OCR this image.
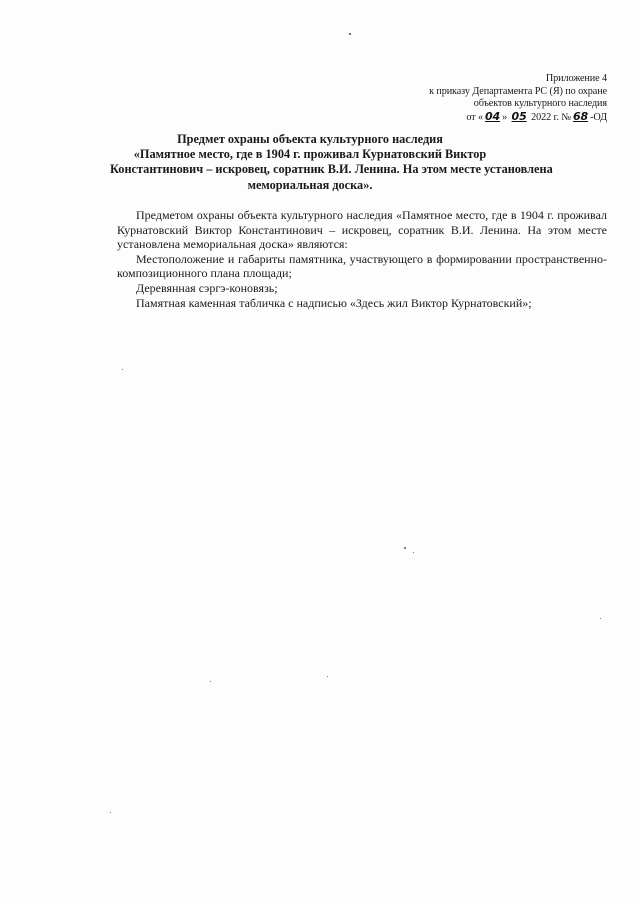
Приложение 4
к приказу Департамента РС (Я) по охране
объектов культурного наследия
от « 04 » 05 2022 г. № 68 -ОД
Предмет охраны объекта культурного наследия
«Памятное место, где в 1904 г. проживал Курнатовский Виктор
Константинович – искровец, соратник В.И. Ленина. На этом месте установлена
мемориальная доска».

Предметом охраны объекта культурного наследия «Памятное место, где в 1904 г. проживал Курнатовский Виктор Константинович – искровец, соратник В.И. Ленина. На этом месте установлена мемориальная доска» являются:

Местоположение и габариты памятника, участвующего в формировании пространственно-композиционного плана площади;

Деревянная сэргэ-коновязь;

Памятная каменная табличка с надписью «Здесь жил Виктор Курнатовский»;
